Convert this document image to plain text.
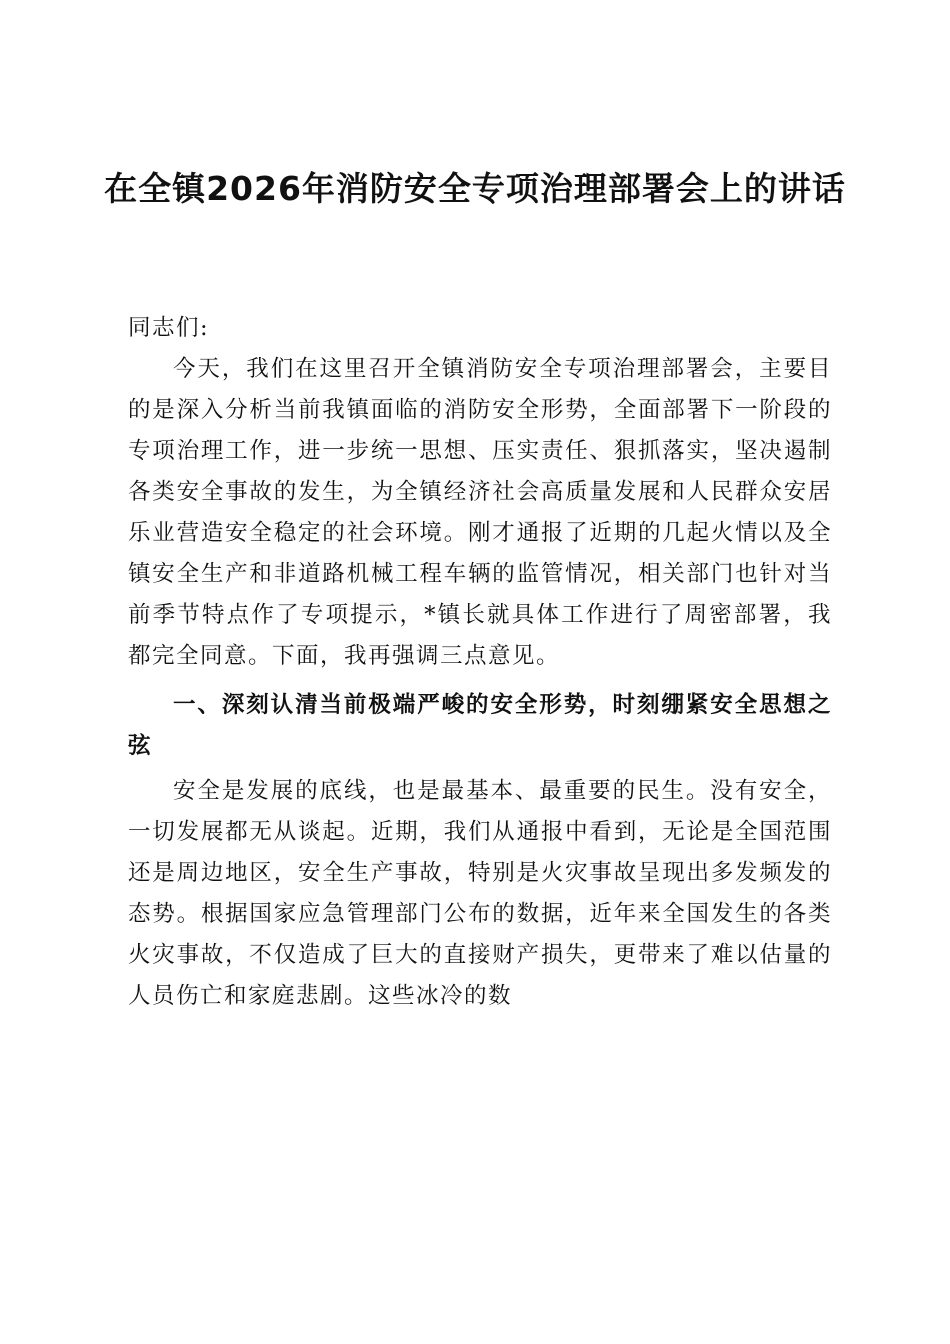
在全镇2026年消防安全专项治理部署会上的讲话

同志们:

今天，我们在这里召开全镇消防安全专项治理部署会，主要目的是深入分析当前我镇面临的消防安全形势，全面部署下一阶段的专项治理工作，进一步统一思想、压实责任、狠抓落实，坚决遏制各类安全事故的发生，为全镇经济社会高质量发展和人民群众安居乐业营造安全稳定的社会环境。刚才通报了近期的几起火情以及全镇安全生产和非道路机械工程车辆的监管情况，相关部门也针对当前季节特点作了专项提示，*镇长就具体工作进行了周密部署，我都完全同意。下面，我再强调三点意见。

一、深刻认清当前极端严峻的安全形势，时刻绷紧安全思想之弦

安全是发展的底线，也是最基本、最重要的民生。没有安全，一切发展都无从谈起。近期，我们从通报中看到，无论是全国范围还是周边地区，安全生产事故，特别是火灾事故呈现出多发频发的态势。根据国家应急管理部门公布的数据，近年来全国发生的各类火灾事故，不仅造成了巨大的直接财产损失，更带来了难以估量的人员伤亡和家庭悲剧。这些冰冷的数
